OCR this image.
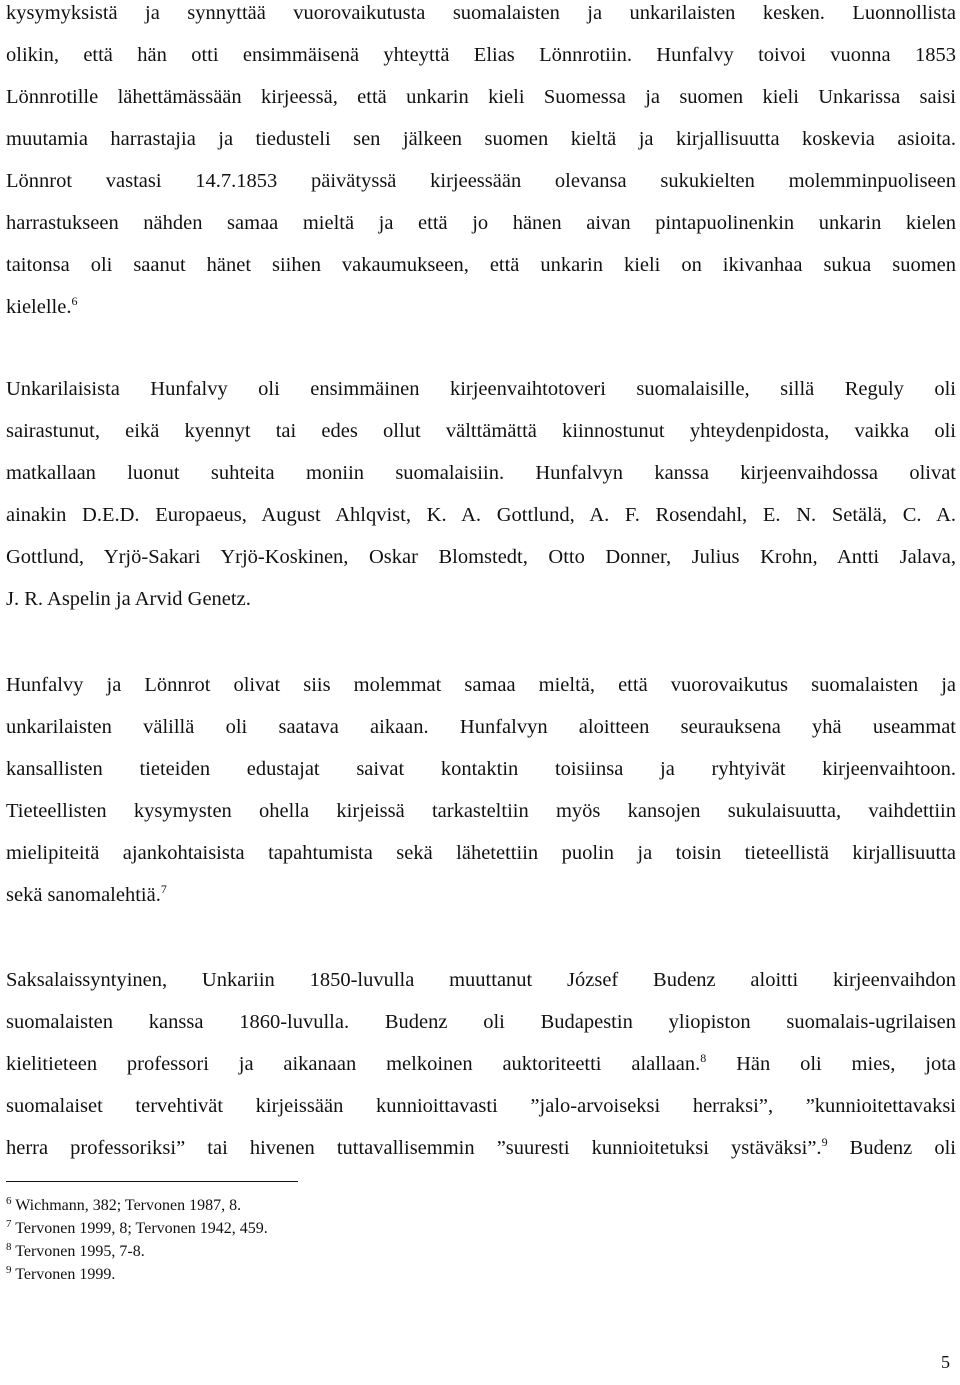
kysymyksistä ja synnyttää vuorovaikutusta suomalaisten ja unkarilaisten kesken. Luonnollista
olikin, että hän otti ensimmäisenä yhteyttä Elias Lönnrotiin. Hunfalvy toivoi vuonna 1853
Lönnrotille lähettämässään kirjeessä, että unkarin kieli Suomessa ja suomen kieli Unkarissa saisi
muutamia harrastajia ja tiedusteli sen jälkeen suomen kieltä ja kirjallisuutta koskevia asioita.
Lönnrot vastasi 14.7.1853 päivätyssä kirjeessään olevansa sukukielten molemminpuoliseen
harrastukseen nähden samaa mieltä ja että jo hänen aivan pintapuolinenkin unkarin kielen
taitonsa oli saanut hänet siihen vakaumukseen, että unkarin kieli on ikivanhaa sukua suomen
kielelle.$^6$

Unkarilaisista Hunfalvy oli ensimmäinen kirjeenvaihtotoveri suomalaisille, sillä Reguly oli
sairastunut, eikä kyennyt tai edes ollut välttämättä kiinnostunut yhteydenpidosta, vaikka oli
matkallaan luonut suhteita moniin suomalaisiin. Hunfalvyn kanssa kirjeenvaihdossa olivat
ainakin D.E.D. Europaeus, August Ahlqvist, K. A. Gottlund, A. F. Rosendahl, E. N. Setälä, C. A.
Gottlund, Yrjö-Sakari Yrjö-Koskinen, Oskar Blomstedt, Otto Donner, Julius Krohn, Antti Jalava,
J. R. Aspelin ja Arvid Genetz.

Hunfalvy ja Lönnrot olivat siis molemmat samaa mieltä, että vuorovaikutus suomalaisten ja
unkarilaisten välillä oli saatava aikaan. Hunfalvyn aloitteen seurauksena yhä useammat
kansallisten tieteiden edustajat saivat kontaktin toisiinsa ja ryhtyivät kirjeenvaihtoon.
Tieteellisten kysymysten ohella kirjeissä tarkasteltiin myös kansojen sukulaisuutta, vaihdettiin
mielipiteitä ajankohtaisista tapahtumista sekä lähetettiin puolin ja toisin tieteellistä kirjallisuutta
sekä sanomalehtiä.$^7$

Saksalaissyntyinen, Unkariin 1850-luvulla muuttanut József Budenz aloitti kirjeenvaihdon
suomalaisten kanssa 1860-luvulla. Budenz oli Budapestin yliopiston suomalais-ugrilaisen
kielitieteen professori ja aikanaan melkoinen auktoriteetti alallaan.$^8$ Hän oli mies, jota
suomalaiset tervehtivät kirjeissään kunnioittavasti ”jalo-arvoiseksi herraksi”, ”kunnioitettavaksi
herra professoriksi” tai hivenen tuttavallisemmin ”suuresti kunnioitetuksi ystäväksi”.$^9$ Budenz oli

$^6$ Wichmann, 382; Tervonen 1987, 8.
$^7$ Tervonen 1999, 8; Tervonen 1942, 459.
$^8$ Tervonen 1995, 7-8.
$^9$ Tervonen 1999.
5
